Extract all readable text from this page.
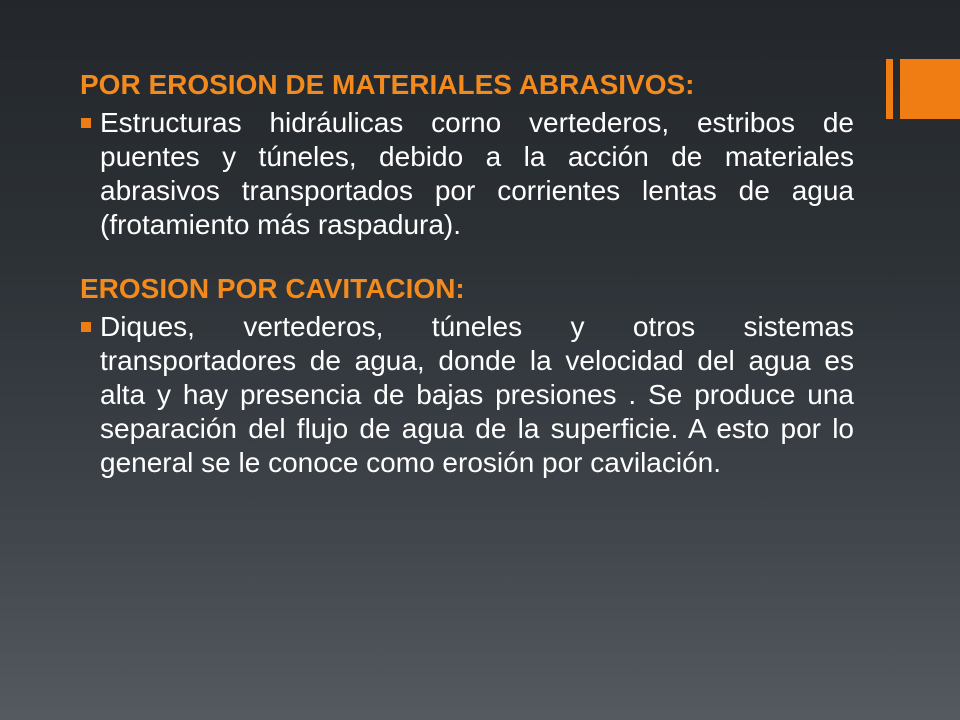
POR EROSION DE MATERIALES ABRASIVOS:

Estructuras hidráulicas corno vertederos, estribos de puentes y túneles, debido a la acción de materiales abrasivos transportados por corrientes lentas de agua (frotamiento más raspadura).

EROSION POR CAVITACION:

Diques, vertederos, túneles y otros sistemas transportadores de agua, donde la velocidad del agua es alta y hay presencia de bajas presiones . Se produce una separación del flujo de agua de la superficie. A esto por lo general se le conoce como erosión por cavilación.
